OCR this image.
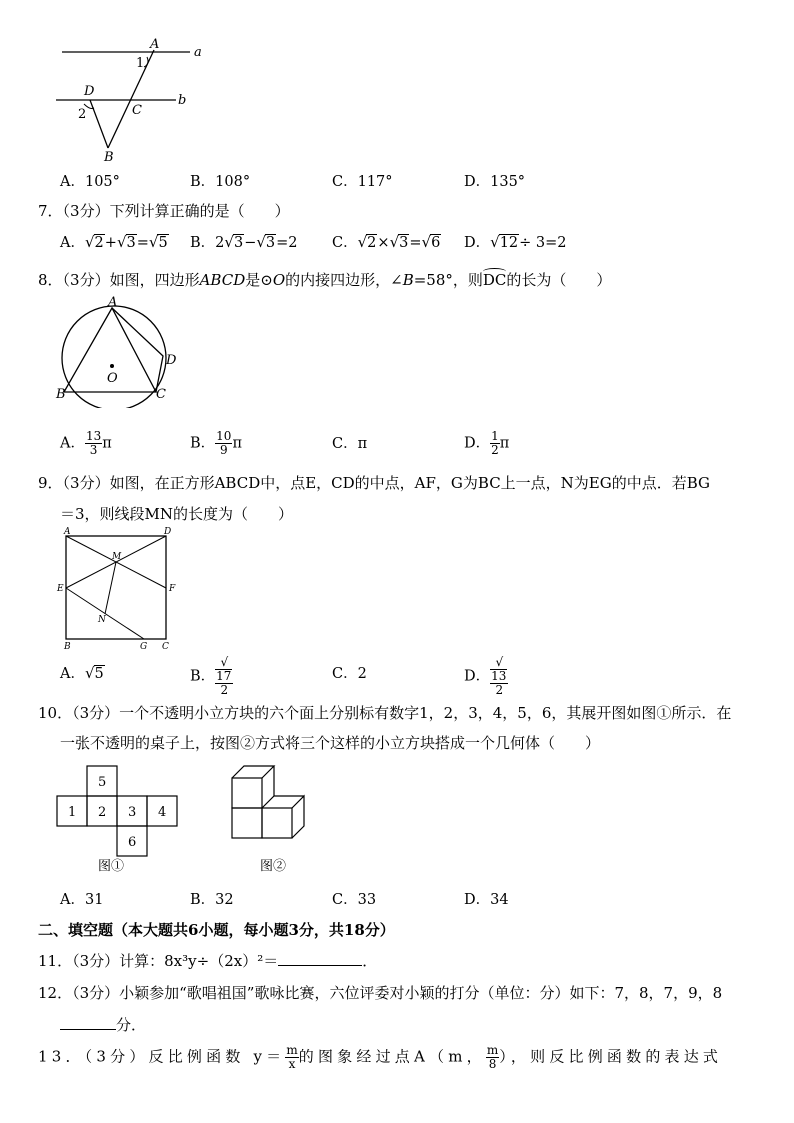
A
a
b
D
C
B
1
2
A．105°	B．108°	C．117°	D．135°
7．（3分）下列计算正确的是（　　）
A．√2+√3=√5 B．2√3−√3=2 C．√2×√3=√6 D．√12÷ 3=2
8．（3分）如图，四边形ABCD是⊙O的内接四边形，∠B=58°，则
DC的长为（　　）
A
B	C
D
O
A． $\frac{13}{3}$ π	B． $\frac{10}{9}$ π	C．π	D． $\frac{1}{2}$ π
9．（3分）如图，在正方形ABCD中，点E，CD的中点，AF，G为BC上一点，N为EG的中点．若BG
＝3，则线段MN的长度为（　　）
A	D
M
E	F
N
B	G C
A．√5	B． √
17
2	C．2	D． √
13
2
10．（3分）一个不透明小立方块的六个面上分别标有数字1，2，3，4，5，6，其展开图如图①所示．在
一张不透明的桌子上，按图②方式将三个这样的小立方块搭成一个几何体（　　）
5
1 2 3 4
6
图①	图②
A．31	B．32	C．33	D．34
二、填空题（本大题共6小题，每小题3分，共18分）
11．（3分）计算：8x³y÷（2x）²＝	．
12．（3分）小颖参加“歌唱祖国”歌咏比赛，六位评委对小颖的打分（单位：分）如下：7，8，7，9，8
分．
13．（3分）反比例函数 $y= \frac{m}{x}$ 的图象经过点A（m， $\frac{m}{8}$ ），则反比例函数的表达式
